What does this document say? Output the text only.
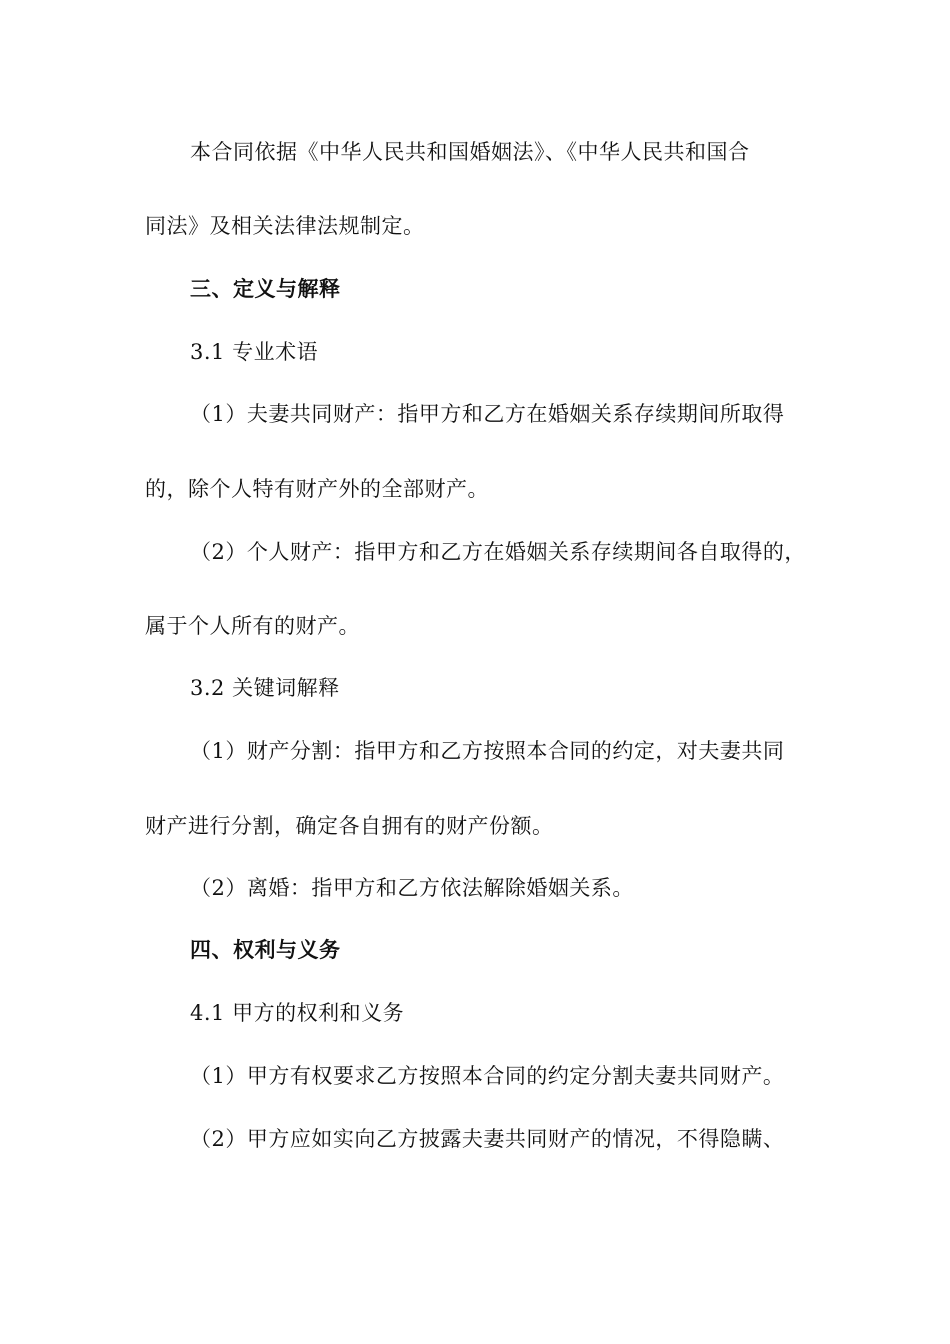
本合同依据《中华人民共和国婚姻法》、《中华人民共和国合
同法》及相关法律法规制定。
三、定义与解释
3.1 专业术语
（1）夫妻共同财产：指甲方和乙方在婚姻关系存续期间所取得
的，除个人特有财产外的全部财产。
（2）个人财产：指甲方和乙方在婚姻关系存续期间各自取得的，
属于个人所有的财产。
3.2 关键词解释
（1）财产分割：指甲方和乙方按照本合同的约定，对夫妻共同
财产进行分割，确定各自拥有的财产份额。
（2）离婚：指甲方和乙方依法解除婚姻关系。
四、权利与义务
4.1 甲方的权利和义务
（1）甲方有权要求乙方按照本合同的约定分割夫妻共同财产。
（2）甲方应如实向乙方披露夫妻共同财产的情况，不得隐瞒、
